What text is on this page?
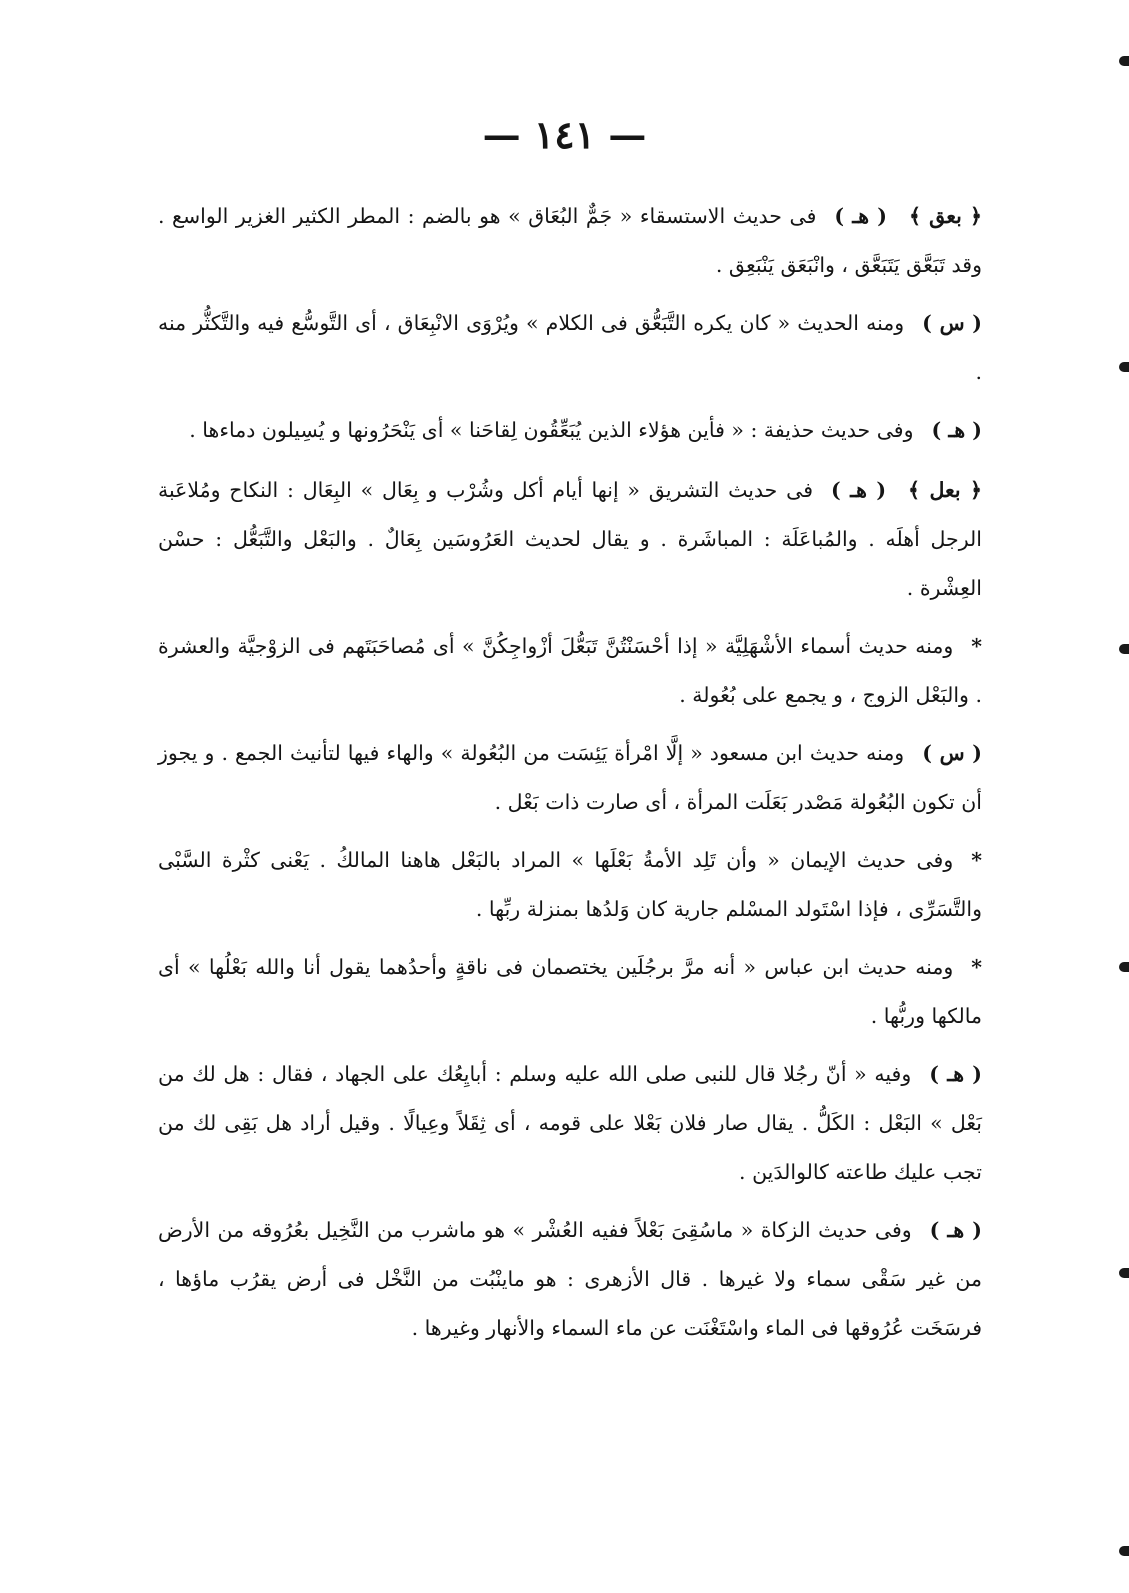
— ١٤١ —

﴿ بعق ﴾( هـ )فى حديث الاستسقاء « جَمٌّ البُعَاق » هو بالضم : المطر الكثير الغزير الواسع . وقد تَبَعَّق يَتَبَعَّق ، وانْبَعَق يَنْبَعِق .

( س )ومنه الحديث « كان يكره التَّبَعُّق فى الكلام » ويُرْوَى الانْبِعَاق ، أى التَّوسُّع فيه والتَّكثُّر منه .

( هـ )وفى حديث حذيفة : « فأين هؤلاء الذين يُبَعِّقُون لِقاحَنا » أى يَنْحَرُونها و يُسِيلون دماءها .

﴿ بعل ﴾( هـ )فى حديث التشريق « إنها أيام أكل وشُرْب و بِعَال » البِعَال : النكاح ومُلاعَبة الرجل أهلَه . والمُباعَلَة : المباشَرة . و يقال لحديث العَرُوسَين بِعَالٌ . والبَعْل والتَّبَعُّل : حسْن العِشْرة .

*ومنه حديث أسماء الأشْهَلِيَّة « إذا أحْسَنْتُنَّ تَبَعُّلَ أزْواجِكُنَّ » أى مُصاحَبَتَهم فى الزوْجيَّة والعشرة . والبَعْل الزوج ، و يجمع على بُعُولة .

( س )ومنه حديث ابن مسعود « إلَّا امْرأة يَئِسَت من البُعُولة » والهاء فيها لتأنيث الجمع . و يجوز أن تكون البُعُولة مَصْدر بَعَلَت المرأة ، أى صارت ذات بَعْل .

*وفى حديث الإيمان « وأن تَلِد الأمةُ بَعْلَها » المراد بالبَعْل هاهنا المالكُ . يَعْنى كثْرة السَّبْى والتَّسَرِّى ، فإذا اسْتَولد المسْلم جارية كان وَلدُها بمنزلة ربِّها .

*ومنه حديث ابن عباس « أنه مرَّ برجُلَين يختصمان فى ناقةٍ وأحدُهما يقول أنا والله بَعْلُها » أى مالكها وربُّها .

( هـ )وفيه « أنّ رجُلا قال للنبى صلى الله عليه وسلم : أبايِعُك على الجهاد ، فقال : هل لك من بَعْل » البَعْل : الكَلُّ . يقال صار فلان بَعْلا على قومه ، أى ثِقَلاً وعِيالًا . وقيل أراد هل بَقِى لك من تجب عليك طاعته كالوالدَين .

( هـ )وفى حديث الزكاة « ماسُقِىَ بَعْلاً ففيه العُشْر » هو ماشرب من النَّخِيل بعُرُوقه من الأرض من غير سَقْى سماء ولا غيرها . قال الأزهرى : هو ماينْبُت من النَّخْل فى أرض يقرُب ماؤها ، فرسَخَت عُرُوقها فى الماء واسْتَغْنَت عن ماء السماء والأنهار وغيرها .
